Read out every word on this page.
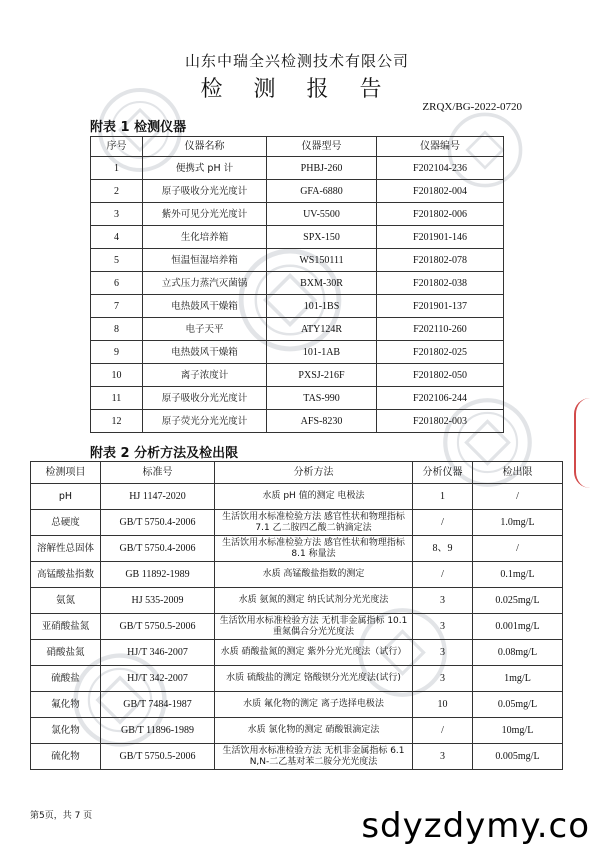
山东中瑞全兴检测技术有限公司
检 测 报 告
ZRQX/BG-2022-0720
附表 1 检测仪器
序号	仪器名称	仪器型号	仪器编号
1	便携式 pH 计	PHBJ-260	F202104-236
2	原子吸收分光光度计	GFA-6880	F201802-004
3	紫外可见分光光度计	UV-5500	F201802-006
4	生化培养箱	SPX-150	F201901-146
5	恒温恒湿培养箱	WS150111	F201802-078
6	立式压力蒸汽灭菌锅	BXM-30R	F201802-038
7	电热鼓风干燥箱	101-1BS	F201901-137
8	电子天平	ATY124R	F202110-260
9	电热鼓风干燥箱	101-1AB	F201802-025
10	离子浓度计	PXSJ-216F	F201802-050
11	原子吸收分光光度计	TAS-990	F202106-244
12	原子荧光分光光度计	AFS-8230	F201802-003
附表 2 分析方法及检出限
检测项目	标准号	分析方法	分析仪器	检出限
pH	HJ 1147-2020	水质 pH 值的测定 电极法	1	/
总硬度	GB/T 5750.4-2006	生活饮用水标准检验方法 感官性状和物理指标 7.1 乙二胺四乙酸二钠滴定法	/	1.0mg/L
溶解性总固体	GB/T 5750.4-2006	生活饮用水标准检验方法 感官性状和物理指标 8.1 称量法	8、9	/
高锰酸盐指数	GB 11892-1989	水质 高锰酸盐指数的测定	/	0.1mg/L
氨氮	HJ 535-2009	水质 氨氮的测定 纳氏试剂分光光度法	3	0.025mg/L
亚硝酸盐氮	GB/T 5750.5-2006	生活饮用水标准检验方法 无机非金属指标 10.1 重氮偶合分光光度法	3	0.001mg/L
硝酸盐氮	HJ/T 346-2007	水质 硝酸盐氮的测定 紫外分光光度法（试行）	3	0.08mg/L
硫酸盐	HJ/T 342-2007	水质 硫酸盐的测定 铬酸钡分光光度法(试行)	3	1mg/L
氟化物	GB/T 7484-1987	水质 氟化物的测定 离子选择电极法	10	0.05mg/L
氯化物	GB/T 11896-1989	水质 氯化物的测定 硝酸银滴定法	/	10mg/L
硫化物	GB/T 5750.5-2006	生活饮用水标准检验方法 无机非金属指标 6.1 N,N-二乙基对苯二胺分光光度法	3	0.005mg/L
第5页，共 7 页	sdyzdymy.co
